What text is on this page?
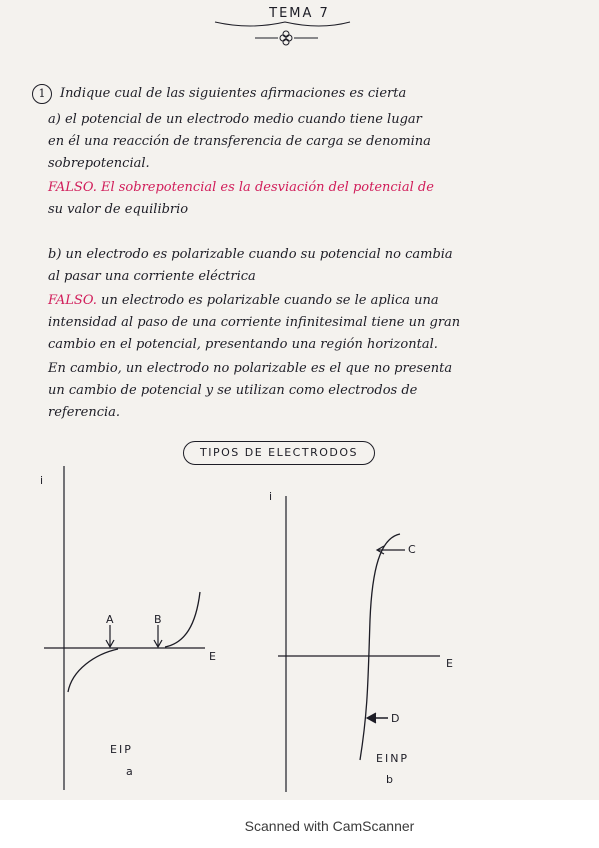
TEMA 7
1 Indique cual de las siguientes afirmaciones es cierta
a) el potencial de un electrodo medio cuando tiene lugar
en él una reacción de transferencia de carga se denomina
sobrepotencial.
FALSO. El sobrepotencial es la desviación del potencial de
su valor de equilibrio
b) un electrodo es polarizable cuando su potencial no cambia
al pasar una corriente eléctrica
FALSO. un electrodo es polarizable cuando se le aplica una
intensidad al paso de una corriente infinitesimal tiene un gran
cambio en el potencial, presentando una región horizontal.
En cambio, un electrodo no polarizable es el que no presenta
un cambio de potencial y se utilizan como electrodos de
referencia.
TIPOS DE ELECTRODOS
i
E
A	B
EIP
a
i
E
C
D
EINP
b
Scanned with CamScanner
